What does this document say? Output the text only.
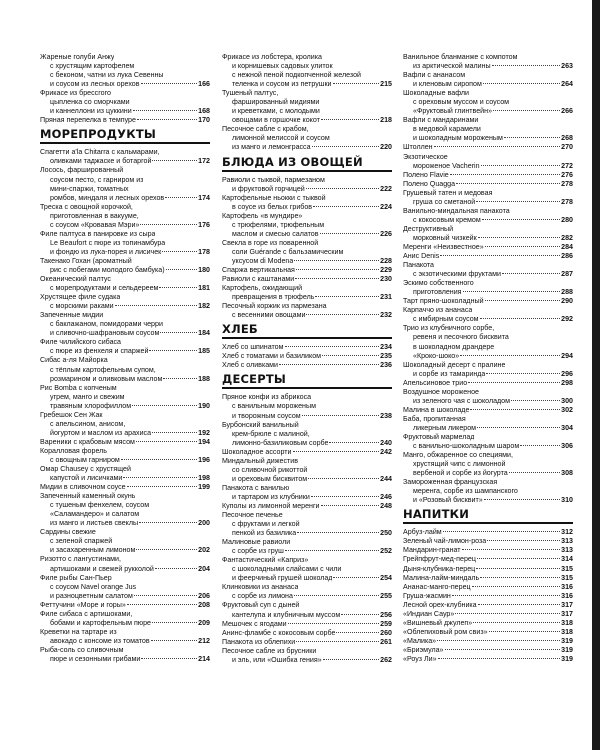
Жареные голуби Анжу
с хрустящим картофелем
с беконом, чатни из лука Севенны
и соусом из лесных орехов	166
Фрикасе из брессгого
цыпленка со сморчками
и каннеллони из цуккини	168
Пряная перепелка в темпуре	170
МОРЕПРОДУКТЫ
Спагетти a'la Chitarra с кальмарами,
оливками таджаске и ботаргой	172
Лосось, фаршированный
соусом песто, с гарниром из
мини-спаржи, томатных
ромбов, миндаля и лесных орехов	174
Треска с овощной корочкой,
приготовленная в вакууме,
с соусом «Кровавая Мэри»	176
Филе палтуса в панировке из сыра
Le Beaufort с пюре из топинамбура
и фондю из лука-порея и лисичек	178
Такенако Гохан (ароматный
рис с побегами молодого бамбука)	180
Океанический палтус
с морепродуктами и сельдереем	181
Хрустящее филе судака
с морскими раками	182
Запеченные мидии
с баклажаном, помидорами черри
и сливочно-шафрановым соусом	184
Филе чилийского сибаса
с пюре из фенхеля и спаржей	185
Сибас а-ля Майорка
с тёплым картофельным супом,
розмарином и оливковым маслом	188
Рис Bomba с копченым
угрем, манго и свежим
травяным хлорофиллом	190
Гребешок Сен Жак
с апельсином, анисом,
йогуртом и маслом из арахиса	192
Вареники с крабовым мясом	194
Коралловая форель
с овощным гарниром	196
Омар Chausey с хрустящей
капустой и лисичками	198
Мидии в сливочном соусе	199
Запеченный каменный окунь
с тушеным фенхелем, соусом
«Саламандеро» и салатом
из манго и листьев свеклы	200
Сардины свежие
с зеленой спаржей
и засахаренным лимоном	202
Ризотто с лангустинами,
артишоками и свежей рукколой	204
Филе рыбы Сан-Пьер
с соусом Navel orange Jus
и разноцветным салатом	206
Феттучини «Море и горы»	208
Филе сибаса с артишоками,
бобами и картофельным пюре	209
Креветки на тартаре из
авокадо с консоме из томатов	212
Рыба-соль со сливочным
пюре и сезонными грибами	214
Фрикасе из лобстера, кролика
и корнишевых садовых улиток
с нежной пеной подкопченной железой
теленка и соусом из петрушки	215
Тушеный палтус,
фаршированный мидиями
и креветками, с молодыми
овощами в горшочке кокот	218
Песочное сабле с крабом,
лимонной мелиссой и соусом
из манго и лемонграсса	220
БЛЮДА ИЗ ОВОЩЕЙ
Равиоли с тыквой, пармезаном
и фруктовой горчицей	222
Картофельные ньокки с тыквой
в соусе из белых грибов	224
Картофель «в мундире»
с трюфелями, трюфельным
маслом и смесью салатов	226
Свекла в горе из поваренной
соли Guérande с бальзамическим
уксусом di Modena	228
Спаржа вертикальная	229
Равиоли с каштанами	230
Картофель, ожидающий
превращения в трюфель	231
Песочный коржик из пармезана
с весенними овощами	232
ХЛЕБ
Хлеб со шпинатом	234
Хлеб с томатами и базиликом	235
Хлеб с оливками	236
ДЕСЕРТЫ
Пряное конфи из абрикоса
с ванильным мороженым
и творожным соусом	238
Бурбонский ванильный
крем-брюле с малиной,
лимонно-базиликовым сорбе	240
Шоколадное ассорти	242
Миндальный дижестив
со сливочной рикоттой
и ореховым бисквитом	244
Панакота с ванилью
и тартаром из клубники	246
Куполы из лимонной меренги	248
Песочное печенье
с фруктами и легкой
пенкой из базилика	250
Малиновые равиоли
с сорбе из груш	252
Фантастический «Каприз»
с шоколадными слайсами с чили
и феерчиный грушей шоколад	254
Клинковики из ананаса
с сорбе из лимона	255
Фруктовый суп с дыней
кантелупа и клубничным муссом	256
Мешочек с ягодами	259
Анинс-фламбе с кокосовым сорбе	260
Панакота из облепихи	261
Песочное сабле из брусники
и эль, или «Ошибка гения»	262
Ванильное бланманже с компотом
из арктической малины	263
Вафли с ананасом
и кленовым сиропом	264
Шоколадные вафли
с ореховым муссом и соусом
«Фруктовый глинтвейн»	266
Вафли с мандаринами
в медовой карамели
и шоколадным мороженым	268
Штоллен	270
Экзотическое
мороженое Vacherin	272
Полено Flavie	276
Полено Quagga	278
Грушевый татен и медовая
груша со сметаной	278
Ванильно-миндальная панакота
с кокосовым кремом	280
Деструктивный
морковный чизкейк	282
Меренги «Неизвестное»	284
Анис Denis	286
Панакота
с экзотическими фруктами	287
Эскимо собственного
приготовления	288
Тарт пряно-шоколадный	290
Карпаччо из ананаса
с имбирным соусом	292
Трио из клубничного сорбе,
ревеня и песочного бисквита
в шоколадном драндере
«Кроко-шоко»	294
Шоколадный десерт с пралине
и сорбе из тамаринда	296
Апельсиновое трио	298
Воздушное мороженое
из зеленого чая с шоколадом	300
Малина в шоколаде	302
Баба, пропитанная
ликерным ликером	304
Фруктовый мармелад
с ванильно-шоколадным шаром	306
Манго, обжаренное со специями,
хрустящий чипс с лимонной
вербеной и сорбе из йогурта	308
Замороженная французская
меренга, сорбе из шампанского
и «Розовый бисквит»	310
НАПИТКИ
Арбуз-лайм	312
Зеленый чай-лимон-роза	313
Мандарин-гранат	313
Грейпфрут-мед-перец	314
Дыня-клубника-перец	315
Малина-лайм-миндаль	315
Ананас-манго-перец	316
Груша-жасмин	316
Лесной орех-клубника	317
«Индиан Саур»	317
«Вишневый джулеп»	318
«Облепиховый ром свиз»	318
«Малика»	319
«Бриэмула»	319
«Роуз Ли»	319
